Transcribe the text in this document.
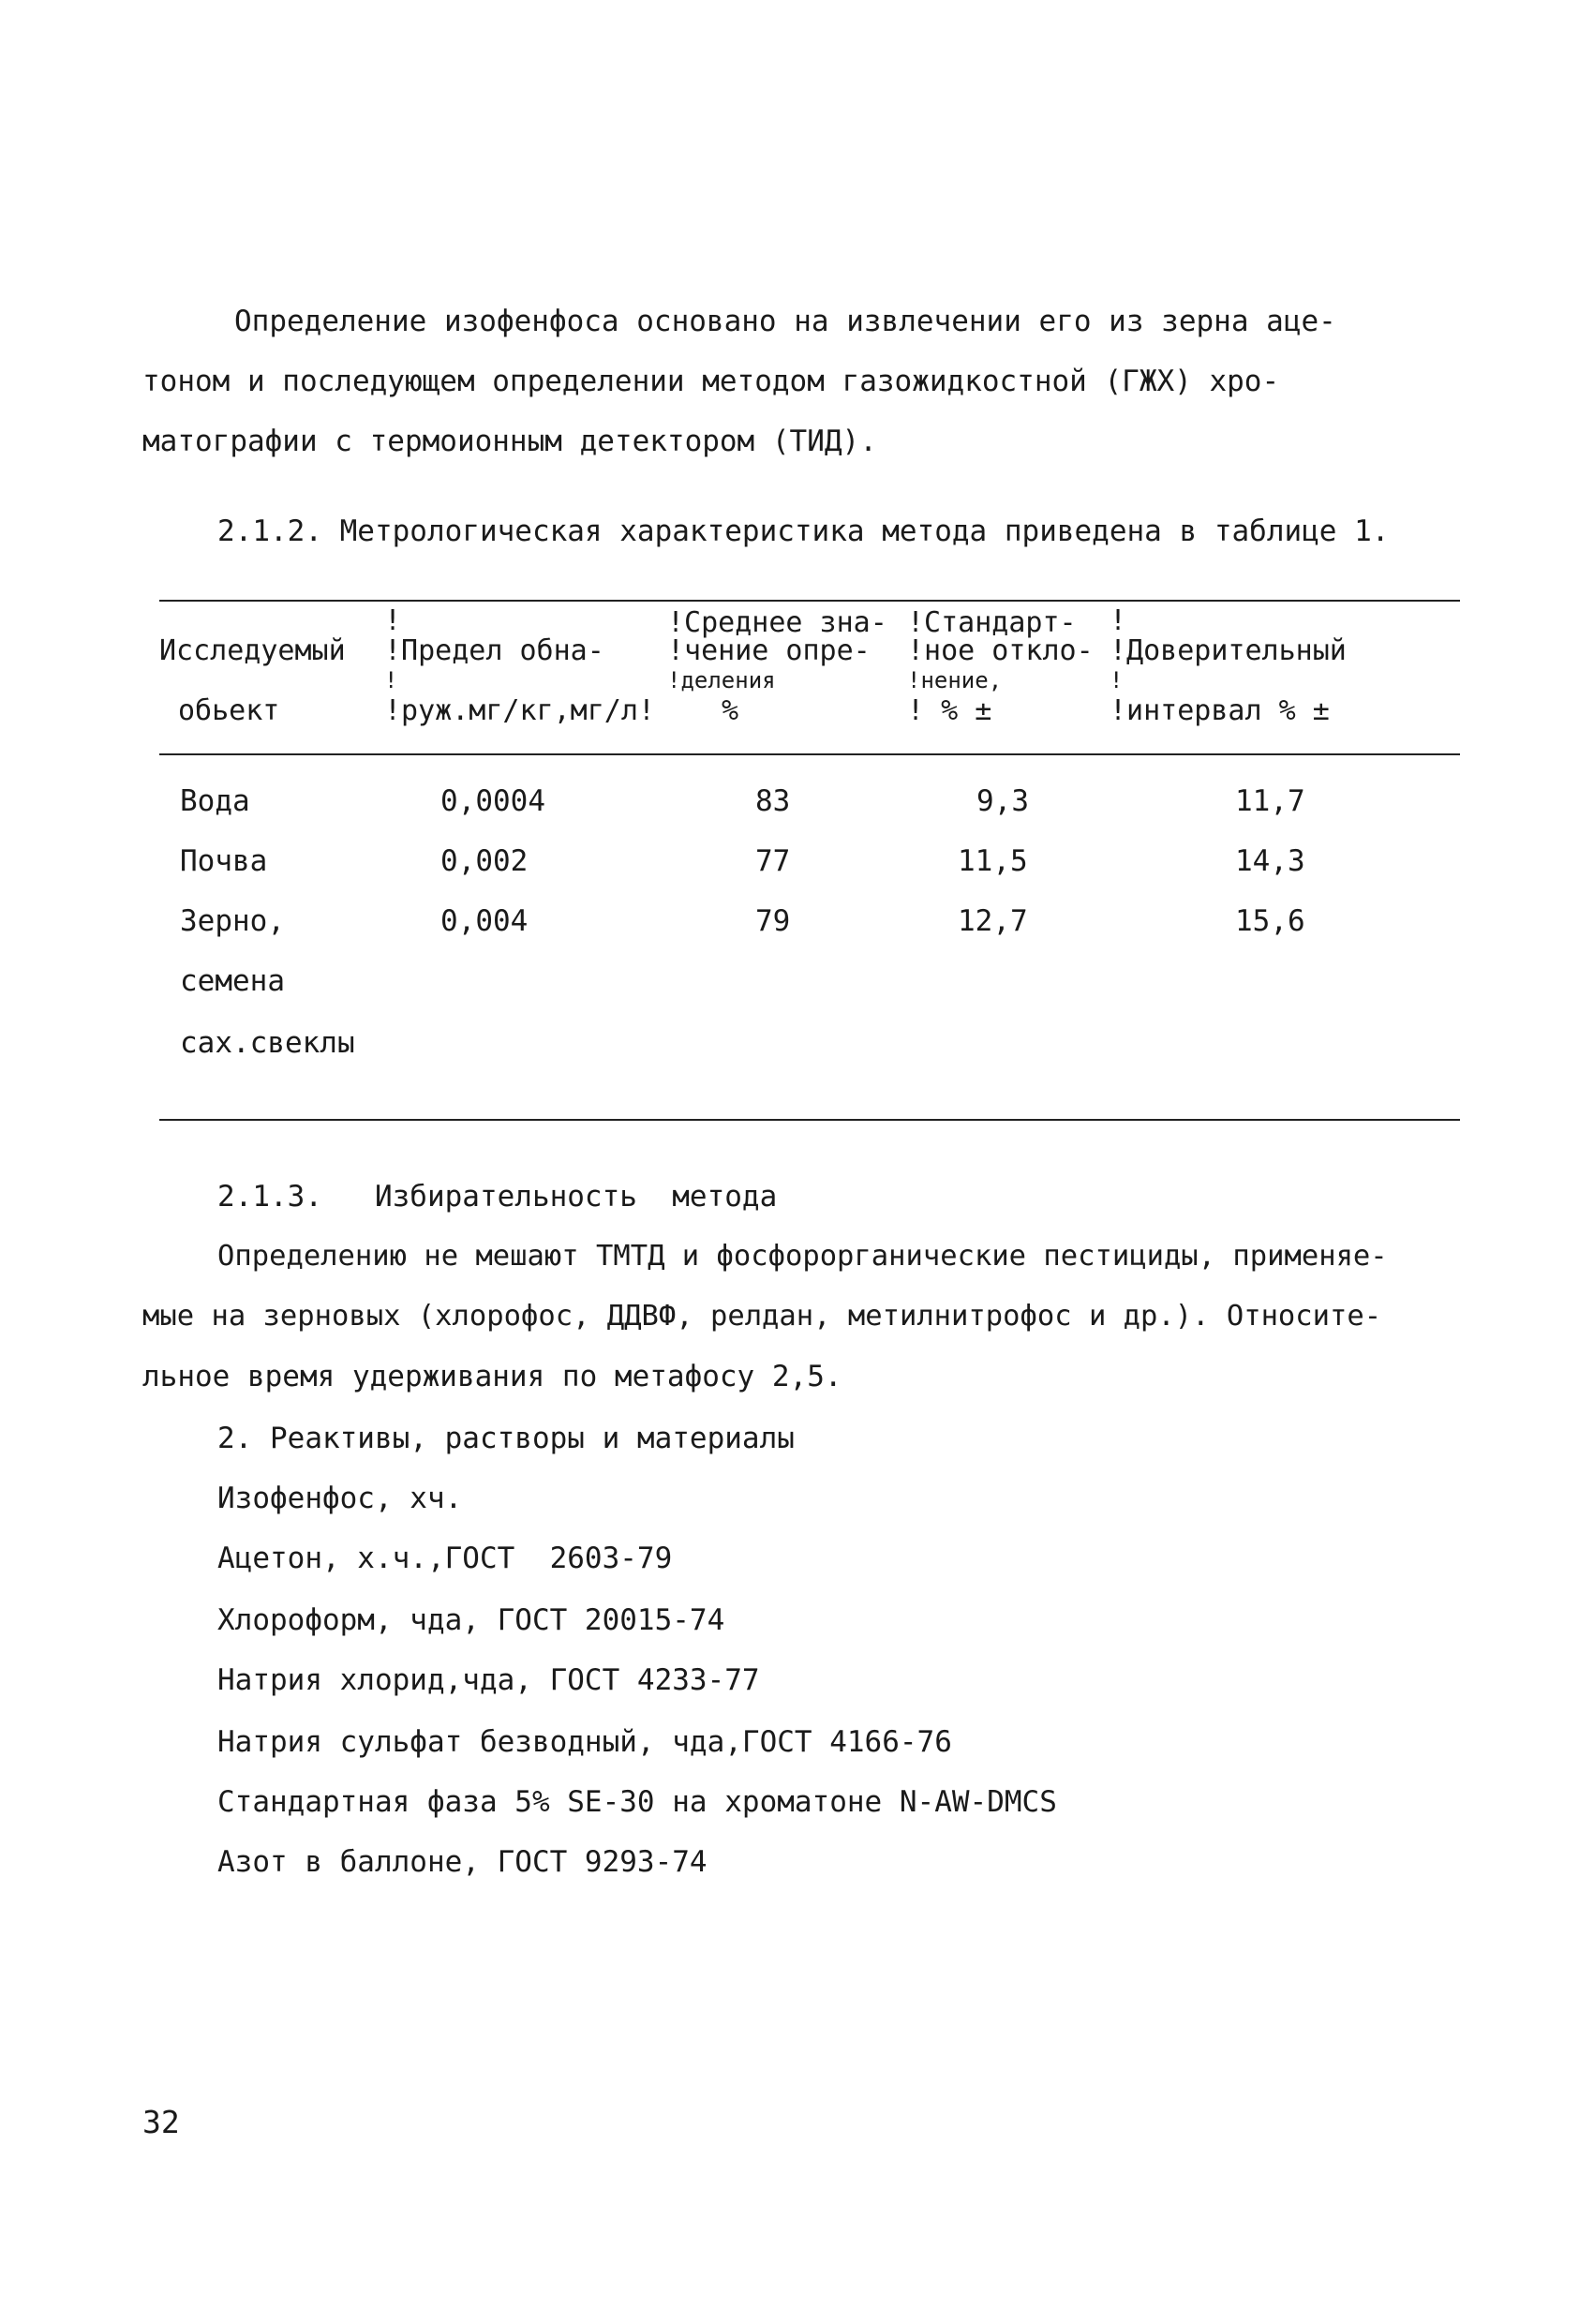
Определение изофенфоса основано на извлечении его из зерна аце-
тоном и последующем определении методом газожидкостной (ГЖХ) хро-
матографии с термоионным детектором (ТИД).
2.1.2. Метрологическая характеристика метода приведена в таблице 1.
!	!Среднее зна- !Стандарт- !
Исследуемый !Предел обна- !чение опре- !ное откло- !Доверительный
!	!деления	!нение,	!
обьект	!руж.мг/кг,мг/л! %	! % ±	!интервал % ±
Вода	0,0004	83	9,3	11,7
Почва	0,002	77	11,5	14,3
Зерно,	0,004	79	12,7	15,6
семена
сах.свеклы
2.1.3.   Избирательность  метода
Определению не мешают ТМТД и фосфорорганические пестициды, применяе-
мые на зерновых (хлорофос, ДДВФ, релдан, метилнитрофос и др.). Относите-
льное время удерживания по метафосу 2,5.
2. Реактивы, растворы и материалы
Изофенфос, хч.
Ацетон, х.ч.,ГОСТ  2603-79
Хлороформ, чда, ГОСТ 20015-74
Натрия хлорид,чда, ГОСТ 4233-77
Натрия сульфат безводный, чда,ГОСТ 4166-76
Стандартная фаза 5% SE-30 на хроматоне N-AW-DMCS
Азот в баллоне, ГОСТ 9293-74
32
